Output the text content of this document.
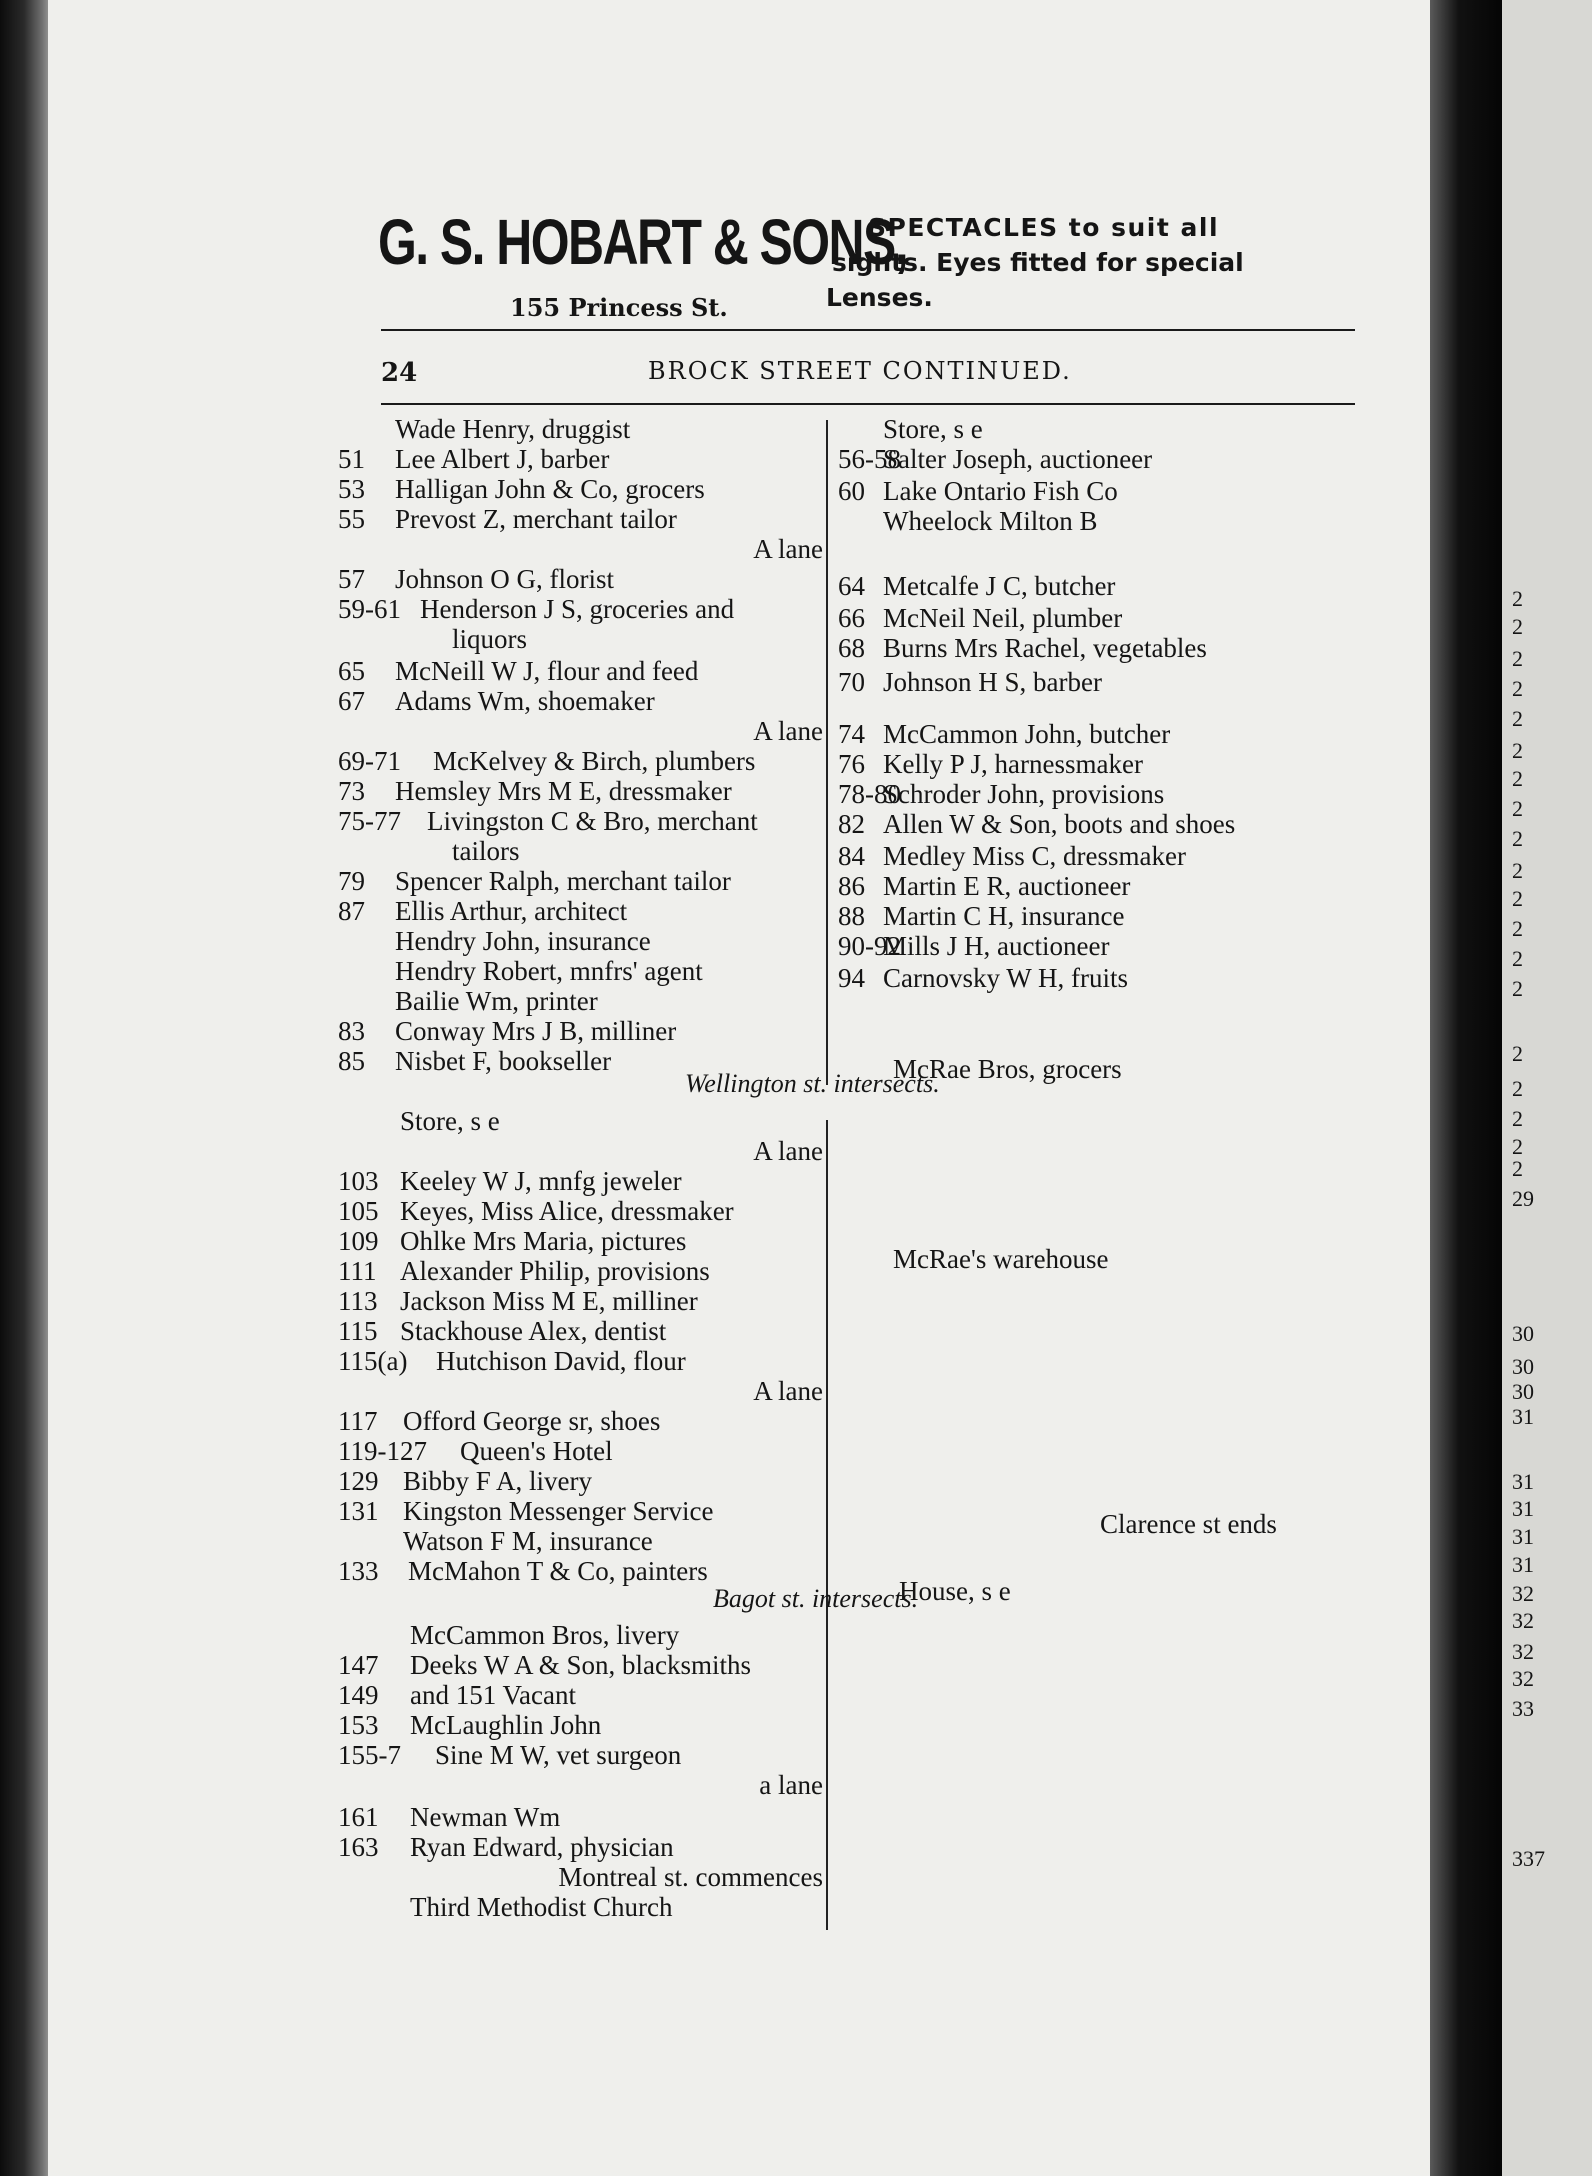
G. S. HOBART & SONS,
155 Princess St.
SPECTACLES to suit all
sights. Eyes fitted for special
Lenses.
24	BROCK STREET CONTINUED.
Wade Henry, druggist
51 Lee Albert J, barber
53 Halligan John & Co, grocers
55 Prevost Z, merchant tailor
A lane
57 Johnson O G, florist
59-61 Henderson J S, groceries and
liquors
65 McNeill W J, flour and feed
67 Adams Wm, shoemaker
A lane
69-71 McKelvey & Birch, plumbers
73 Hemsley Mrs M E, dressmaker
75-77 Livingston C & Bro, merchant
tailors
79 Spencer Ralph, merchant tailor
87 Ellis Arthur, architect
Hendry John, insurance
Hendry Robert, mnfrs' agent
Bailie Wm, printer
83 Conway Mrs J B, milliner
85 Nisbet F, bookseller
Store, s e
A lane
103 Keeley W J, mnfg jeweler
105 Keyes, Miss Alice, dressmaker
109 Ohlke Mrs Maria, pictures
111 Alexander Philip, provisions
113 Jackson Miss M E, milliner
115 Stackhouse Alex, dentist
115(a) Hutchison David, flour
A lane
117 Offord George sr, shoes
119-127 Queen's Hotel
129 Bibby F A, livery
131 Kingston Messenger Service
Watson F M, insurance
133 McMahon T & Co, painters
McCammon Bros, livery
147 Deeks W A & Son, blacksmiths
149 and 151 Vacant
153 McLaughlin John
155-7 Sine M W, vet surgeon
a lane
161 Newman Wm
163 Ryan Edward, physician
Montreal st. commences
Third Methodist Church
Store, s e
56-58
Salter Joseph, auctioneer
60 Lake Ontario Fish Co
Wheelock Milton B
64 Metcalfe J C, butcher
66 McNeil Neil, plumber
68 Burns Mrs Rachel, vegetables
70 Johnson H S, barber
74 McCammon John, butcher
76 Kelly P J, harnessmaker
78-80
Schroder John, provisions
82 Allen W & Son, boots and shoes
84 Medley Miss C, dressmaker
86 Martin E R, auctioneer
88 Martin C H, insurance
90-92
Mills J H, auctioneer
94 Carnovsky W H, fruits
McRae Bros, grocers
McRae's warehouse
Clarence st ends
House, s e
Wellington st. intersects.
Bagot st. intersects.
2
2
2
2
2
2
2
2
2
2
2
2
2
2
2
2
2
2
2
29
30
30
30
31
31
31
31
31
32
32
32
32
33
337
